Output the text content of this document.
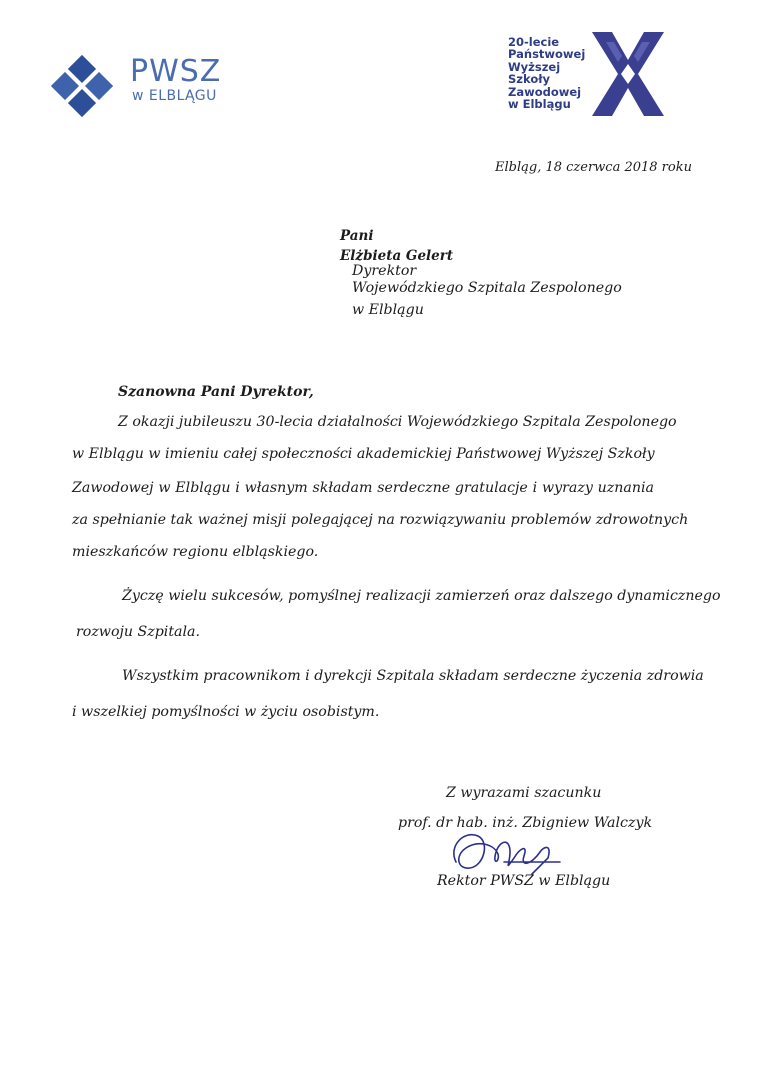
PWSZ
w ELBLĄGU
20-lecie
Państwowej
Wyższej
Szkoły
Zawodowej
w Elblągu
Elbląg, 18 czerwca 2018 roku
Pani
Elżbieta Gelert
Dyrektor
Wojewódzkiego Szpitala Zespolonego
w Elblągu
Szanowna Pani Dyrektor,
Z okazji jubileuszu 30-lecia działalności Wojewódzkiego Szpitala Zespolonego
w Elblągu w imieniu całej społeczności akademickiej Państwowej Wyższej Szkoły
Zawodowej w Elblągu i własnym składam serdeczne gratulacje i wyrazy uznania
za spełnianie tak ważnej misji polegającej na rozwiązywaniu problemów zdrowotnych
mieszkańców regionu elbląskiego.
Życzę wielu sukcesów, pomyślnej realizacji zamierzeń oraz dalszego dynamicznego
rozwoju Szpitala.
Wszystkim pracownikom i dyrekcji Szpitala składam serdeczne życzenia zdrowia
i wszelkiej pomyślności w życiu osobistym.
Z wyrazami szacunku
prof. dr hab. inż. Zbigniew Walczyk
Rektor PWSZ w Elblągu
